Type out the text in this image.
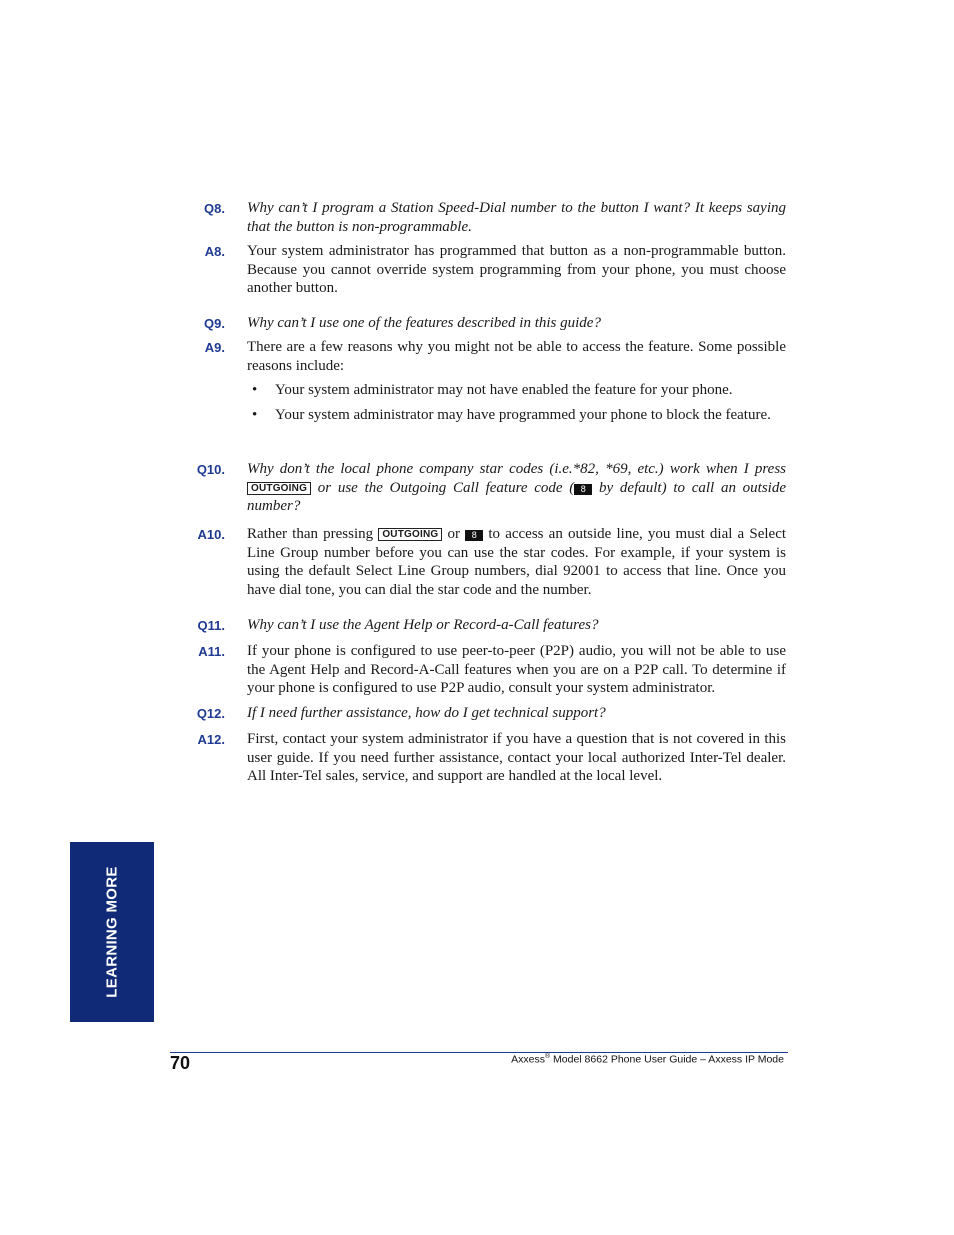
Q8. Why can’t I program a Station Speed-Dial number to the button I want? It keeps saying that the button is non-programmable.
A8. Your system administrator has programmed that button as a non-programmable button. Because you cannot override system programming from your phone, you must choose another button.
Q9. Why can’t I use one of the features described in this guide?
A9. There are a few reasons why you might not be able to access the feature. Some possible reasons include:
• Your system administrator may not have enabled the feature for your phone.
• Your system administrator may have programmed your phone to block the feature.
Q10. Why don’t the local phone company star codes (i.e.*82, *69, etc.) work when I press OUTGOING or use the Outgoing Call feature code ( 8 by default) to call an outside number?
A10. Rather than pressing OUTGOING or 8 to access an outside line, you must dial a Select Line Group number before you can use the star codes. For example, if your system is using the default Select Line Group numbers, dial 92001 to access that line. Once you have dial tone, you can dial the star code and the number.
Q11. Why can’t I use the Agent Help or Record-a-Call features?
A11. If your phone is configured to use peer-to-peer (P2P) audio, you will not be able to use the Agent Help and Record-A-Call features when you are on a P2P call. To determine if your phone is configured to use P2P audio, consult your system administrator.
Q12. If I need further assistance, how do I get technical support?
A12. First, contact your system administrator if you have a question that is not covered in this user guide. If you need further assistance, contact your local authorized Inter-Tel dealer. All Inter-Tel sales, service, and support are handled at the local level.
LEARNING MORE
70	Axxess® Model 8662 Phone User Guide – Axxess IP Mode
